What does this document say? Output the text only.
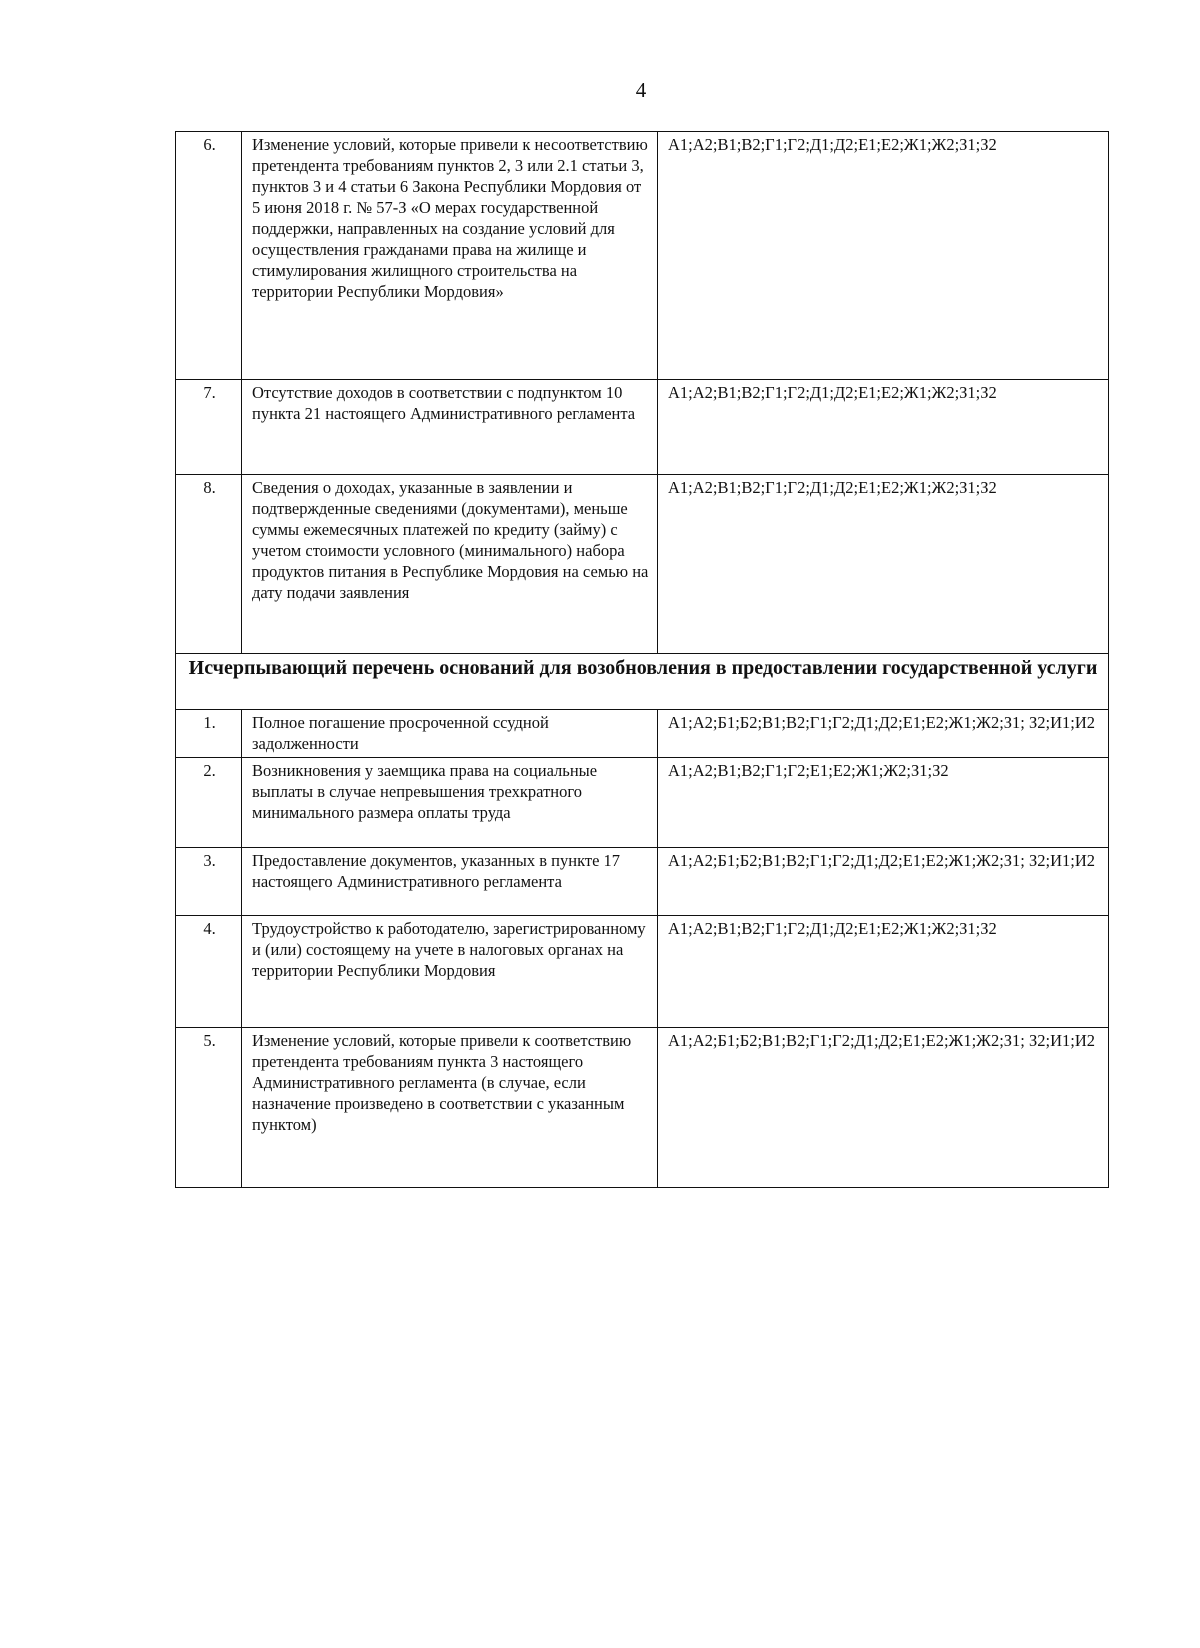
4
6.	Изменение условий, которые привели к несоответствию претендента требованиям пунктов 2, 3 или 2.1 статьи 3, пунктов 3 и 4 статьи 6 Закона Республики Мордовия от 5 июня 2018 г. № 57-З «О мерах государственной поддержки, направленных на создание условий для осуществления гражданами права на жилище и стимулирования жилищного строительства на территории Республики Мордовия»	А1;А2;В1;В2;Г1;Г2;Д1;Д2;Е1;Е2;Ж1;Ж2;З1;З2
7.	Отсутствие доходов в соответствии с подпунктом 10 пункта 21 настоящего Административного регламента	А1;А2;В1;В2;Г1;Г2;Д1;Д2;Е1;Е2;Ж1;Ж2;З1;З2
8.	Сведения о доходах, указанные в заявлении и подтвержденные сведениями (документами), меньше суммы ежемесячных платежей по кредиту (займу) с учетом стоимости условного (минимального) набора продуктов питания в Республике Мордовия на семью на дату подачи заявления	А1;А2;В1;В2;Г1;Г2;Д1;Д2;Е1;Е2;Ж1;Ж2;З1;З2
Исчерпывающий перечень оснований для возобновления в предоставлении государственной услуги		
1.	Полное погашение просроченной ссудной задолженности	А1;А2;Б1;Б2;В1;В2;Г1;Г2;Д1;Д2;Е1;Е2;Ж1;Ж2;З1; З2;И1;И2
2.	Возникновения у заемщика права на социальные выплаты в случае непревышения трехкратного минимального размера оплаты труда	А1;А2;В1;В2;Г1;Г2;Е1;Е2;Ж1;Ж2;З1;З2
3.	Предоставление документов, указанных в пункте 17 настоящего Административного регламента	А1;А2;Б1;Б2;В1;В2;Г1;Г2;Д1;Д2;Е1;Е2;Ж1;Ж2;З1; З2;И1;И2
4.	Трудоустройство к работодателю, зарегистрированному и (или) состоящему на учете в налоговых органах на территории Республики Мордовия	А1;А2;В1;В2;Г1;Г2;Д1;Д2;Е1;Е2;Ж1;Ж2;З1;З2
5.	Изменение условий, которые привели к соответствию претендента требованиям пункта 3 настоящего Административного регламента (в случае, если назначение произведено в соответствии с указанным пунктом)	А1;А2;Б1;Б2;В1;В2;Г1;Г2;Д1;Д2;Е1;Е2;Ж1;Ж2;З1; З2;И1;И2
